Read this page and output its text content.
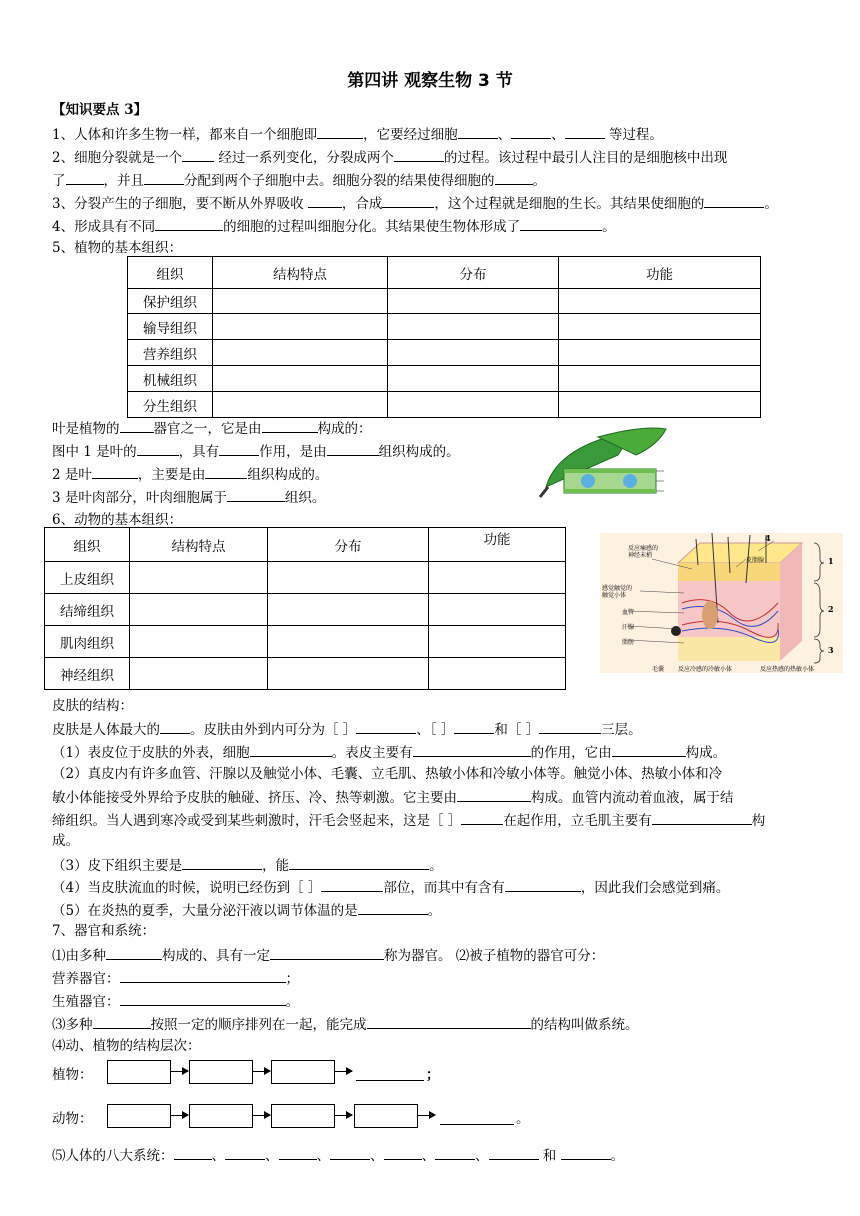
第四讲 观察生物 3 节
【知识要点 3】
1、人体和许多生物一样，都来自一个细胞即	，它要经过细胞	、	、	等过程。
2、细胞分裂就是一个 经过一系列变化，分裂成两个	的过程。该过程中最引人注目的是细胞核中出现
了	，并且	分配到两个子细胞中去。细胞分裂的结果使得细胞的	。
3、分裂产生的子细胞，要不断从外界吸收	，合成	，这个过程就是细胞的生长。其结果使细胞的	。
4、形成具有不同	的细胞的过程叫细胞分化。其结果使生物体形成了	。
5、植物的基本组织：
组织	结构特点	分布	功能
保护组织			
输导组织			
营养组织			
机械组织			
分生组织			
叶是植物的	器官之一，它是由	构成的：
图中 1 是叶的	，具有	作用，是由	组织构成的。
2 是叶	，主要是由	组织构成的。
3 是叶肉部分，叶肉细胞属于	组织。
6、动物的基本组织：
组织	结构特点	分布	功能
上皮组织			
结缔组织			
肌肉组织			
神经组织			
反应痛感的
神经末梢
皮脂腺
感觉触觉的
触觉小体
血管
汗腺
脂肪
毛囊 反应冷感的冷敏小体	反应热感的热敏小体
1
2
3
4
皮肤的结构：
皮肤是人体最大的 。皮肤由外到内可分为［ ］	、［ ］	和［ ］	三层。
（1）表皮位于皮肤的外表，细胞	。表皮主要有	的作用，它由	构成。
（2）真皮内有许多血管、汗腺以及触觉小体、毛囊、立毛肌、热敏小体和冷敏小体等。触觉小体、热敏小体和冷
敏小体能接受外界给予皮肤的触碰、挤压、冷、热等刺激。它主要由	构成。血管内流动着血液，属于结
缔组织。当人遇到寒冷或受到某些刺激时，汗毛会竖起来，这是［ ］	在起作用，立毛肌主要有	构
成。
（3）皮下组织主要是	，能	。
（4）当皮肤流血的时候，说明已经伤到［ ］	部位，而其中有含有	，因此我们会感觉到痛。
（5）在炎热的夏季，大量分泌汗液以调节体温的是	。
7、器官和系统：
⑴由多种	构成的、具有一定	称为器官。 ⑵被子植物的器官可分：
营养器官：	；
生殖器官：	。
⑶多种	按照一定的顺序排列在一起，能完成	的结构叫做系统。
⑷动、植物的结构层次：
植物：	；
动物：	。
⑸人体的八大系统：	、	、	、	、	、	、	和	。
